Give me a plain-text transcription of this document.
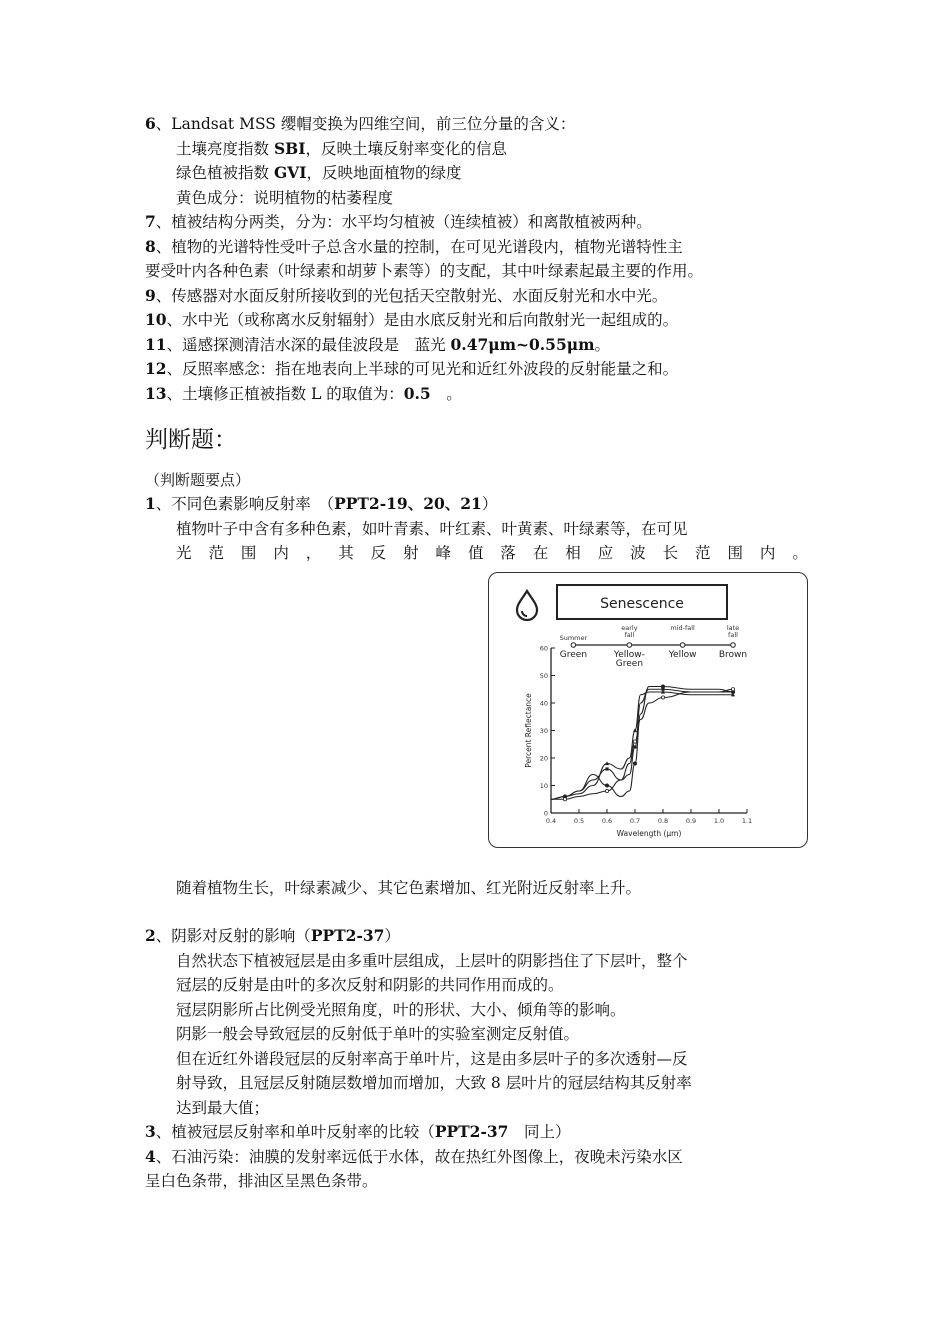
6、Landsat MSS 缨帽变换为四维空间，前三位分量的含义：
土壤亮度指数 SBI，反映土壤反射率变化的信息
绿色植被指数 GVI，反映地面植物的绿度
黄色成分：说明植物的枯萎程度
7、植被结构分两类，分为：水平均匀植被（连续植被）和离散植被两种。
8、植物的光谱特性受叶子总含水量的控制，在可见光谱段内，植物光谱特性主
要受叶内各种色素（叶绿素和胡萝卜素等）的支配，其中叶绿素起最主要的作用。
9、传感器对水面反射所接收到的光包括天空散射光、水面反射光和水中光。
10、水中光（或称离水反射辐射）是由水底反射光和后向散射光一起组成的。
11、遥感探测清洁水深的最佳波段是　蓝光 0.47μm~0.55μm。
12、反照率感念：指在地表向上半球的可见光和近红外波段的反射能量之和。
13、土壤修正植被指数 L 的取值为：0.5　。
判断题：
（判断题要点）
1、不同色素影响反射率　（PPT2-19、20、21）
植物叶子中含有多种色素，如叶青素、叶红素、叶黄素、叶绿素等，在可见
光 范 围 内 ， 其 反 射 峰 值 落 在 相 应 波 长 范 围 内 。
Senescence
Summer
Green
early
fall
Yellow-
Green
mid-fall
Yellow
late
fall
Brown
0
10
20
30
40
50
60
0.4	0.5	0.6	0.7	0.8	0.9	1.0	1.1
Wavelength (μm)
Percent Reflectance
随着植物生长，叶绿素减少、其它色素增加、红光附近反射率上升。
2、阴影对反射的影响（PPT2-37）
自然状态下植被冠层是由多重叶层组成，上层叶的阴影挡住了下层叶，整个
冠层的反射是由叶的多次反射和阴影的共同作用而成的。
冠层阴影所占比例受光照角度，叶的形状、大小、倾角等的影响。
阴影一般会导致冠层的反射低于单叶的实验室测定反射值。
但在近红外谱段冠层的反射率高于单叶片，这是由多层叶子的多次透射—反
射导致，且冠层反射随层数增加而增加，大致 8 层叶片的冠层结构其反射率
达到最大值；
3、植被冠层反射率和单叶反射率的比较（PPT2-37　同上）
4、石油污染：油膜的发射率远低于水体，故在热红外图像上，夜晚未污染水区
呈白色条带，排油区呈黑色条带。
